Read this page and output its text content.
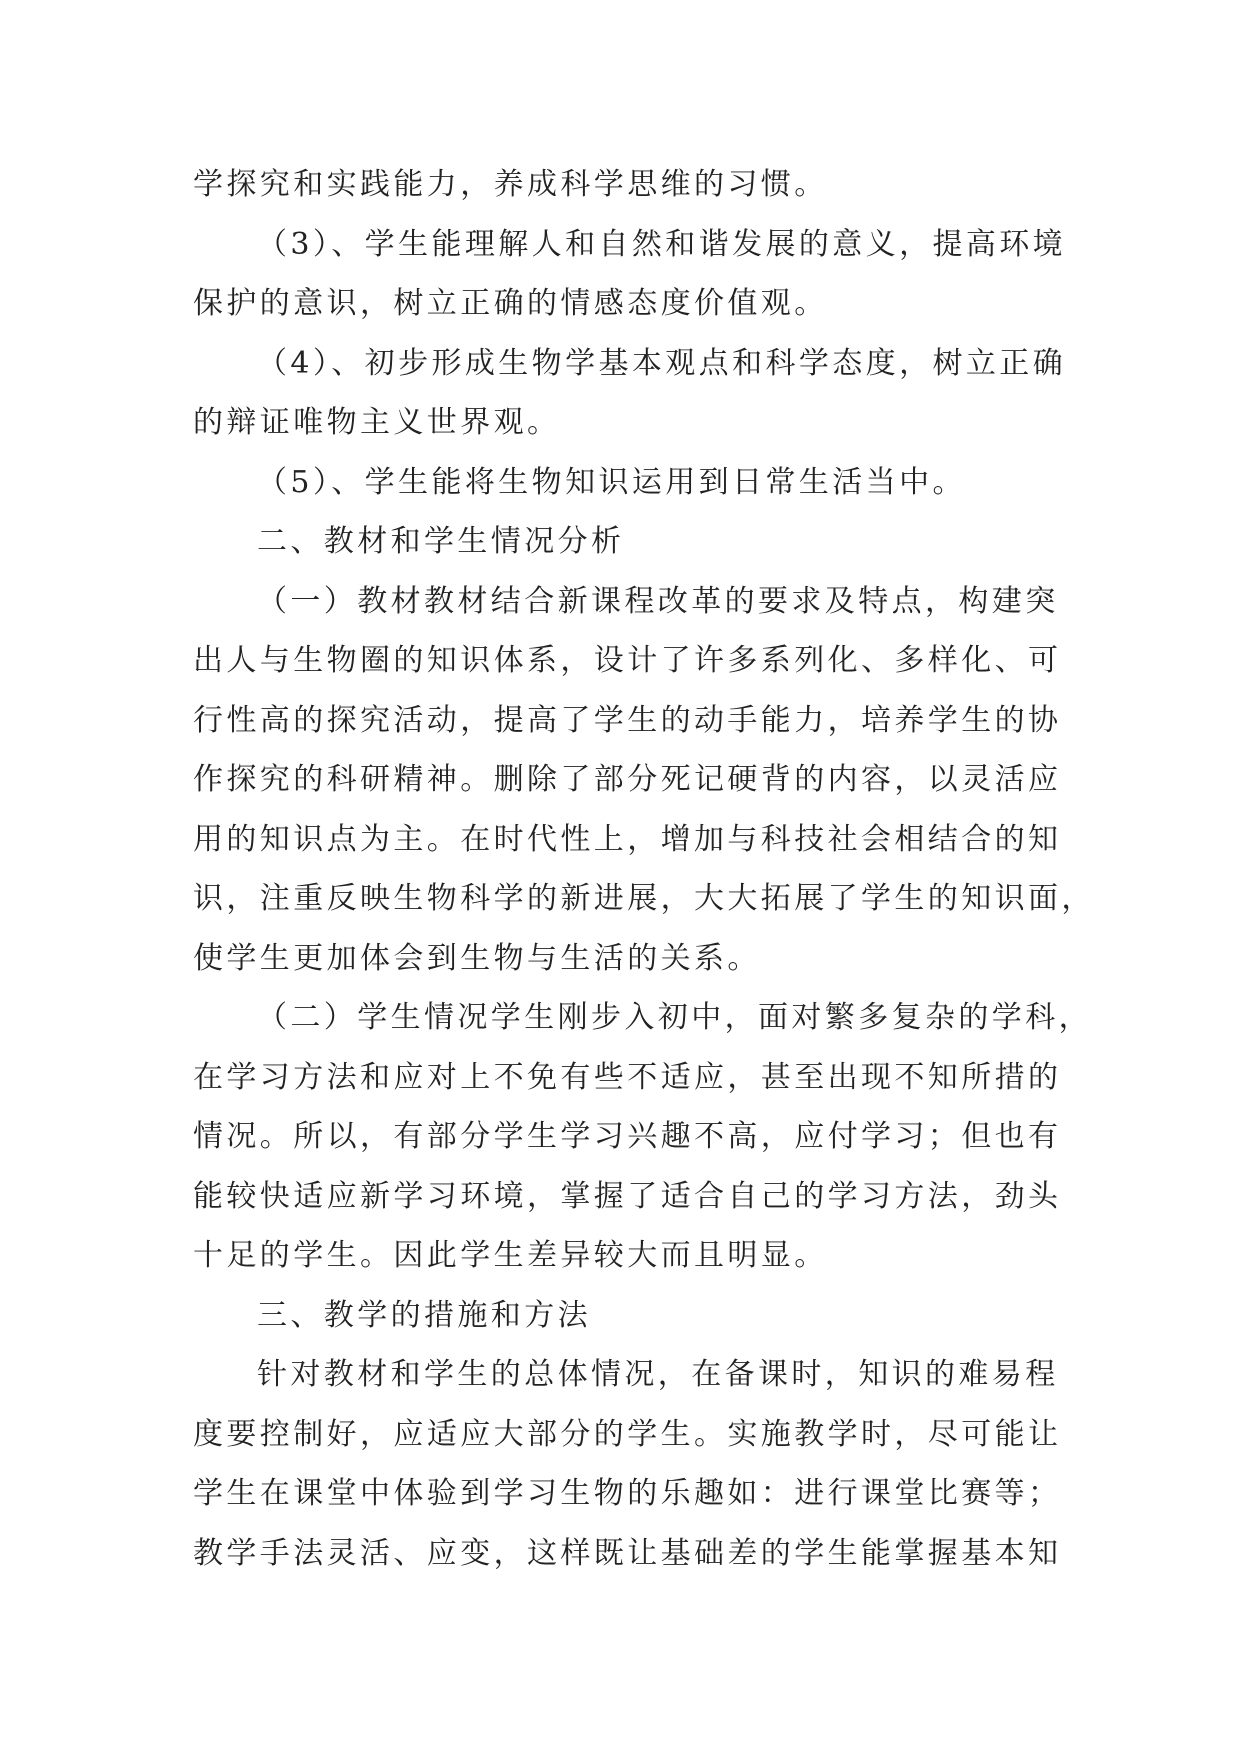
学探究和实践能力，养成科学思维的习惯。
（3）、学生能理解人和自然和谐发展的意义，提高环境
保护的意识，树立正确的情感态度价值观。
（4）、初步形成生物学基本观点和科学态度，树立正确
的辩证唯物主义世界观。
（5）、学生能将生物知识运用到日常生活当中。
二、教材和学生情况分析
（一）教材教材结合新课程改革的要求及特点，构建突
出人与生物圈的知识体系，设计了许多系列化、多样化、可
行性高的探究活动，提高了学生的动手能力，培养学生的协
作探究的科研精神。删除了部分死记硬背的内容，以灵活应
用的知识点为主。在时代性上，增加与科技社会相结合的知
识，注重反映生物科学的新进展，大大拓展了学生的知识面，
使学生更加体会到生物与生活的关系。
（二）学生情况学生刚步入初中，面对繁多复杂的学科，
在学习方法和应对上不免有些不适应，甚至出现不知所措的
情况。所以，有部分学生学习兴趣不高，应付学习；但也有
能较快适应新学习环境，掌握了适合自己的学习方法，劲头
十足的学生。因此学生差异较大而且明显。
三、教学的措施和方法
针对教材和学生的总体情况，在备课时，知识的难易程
度要控制好，应适应大部分的学生。实施教学时，尽可能让
学生在课堂中体验到学习生物的乐趣如：进行课堂比赛等；
教学手法灵活、应变，这样既让基础差的学生能掌握基本知
